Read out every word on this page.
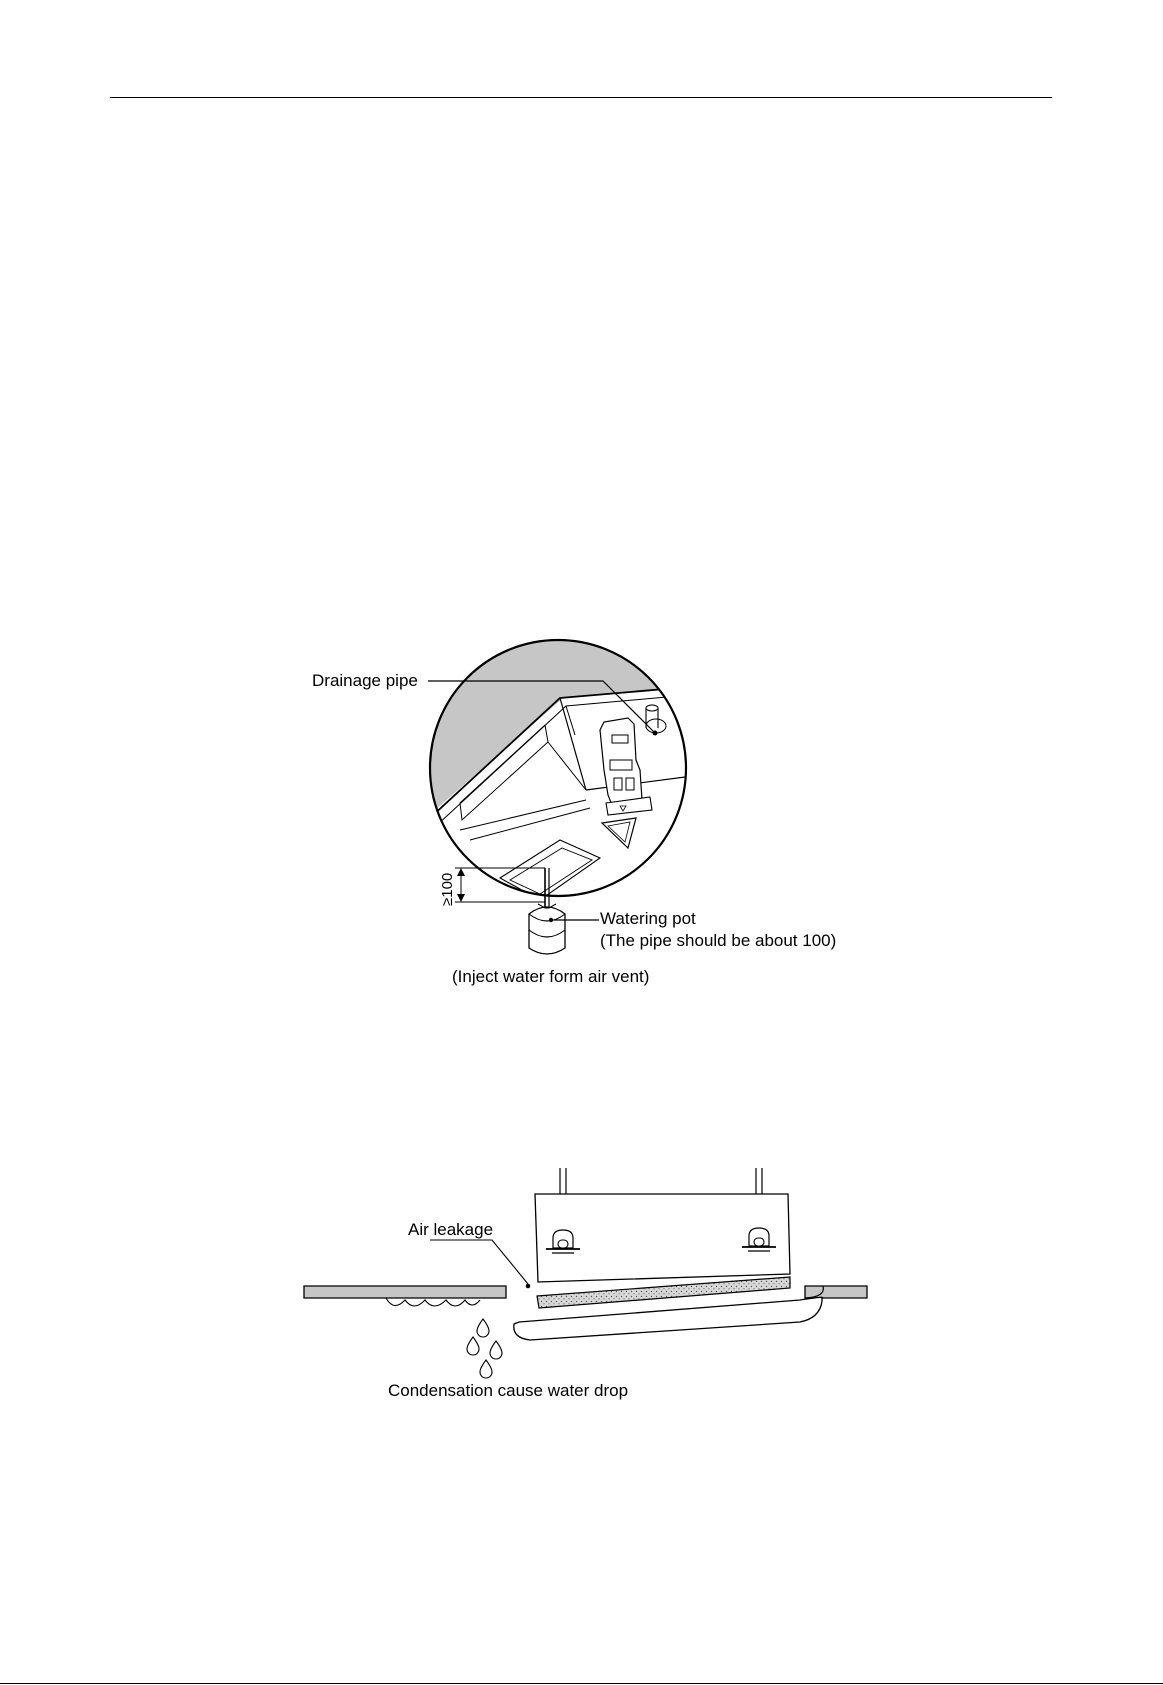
Drainage pipe
Watering pot
(The pipe should be about 100)
(Inject water form air vent)
≥100
Air leakage
Condensation cause water drop
